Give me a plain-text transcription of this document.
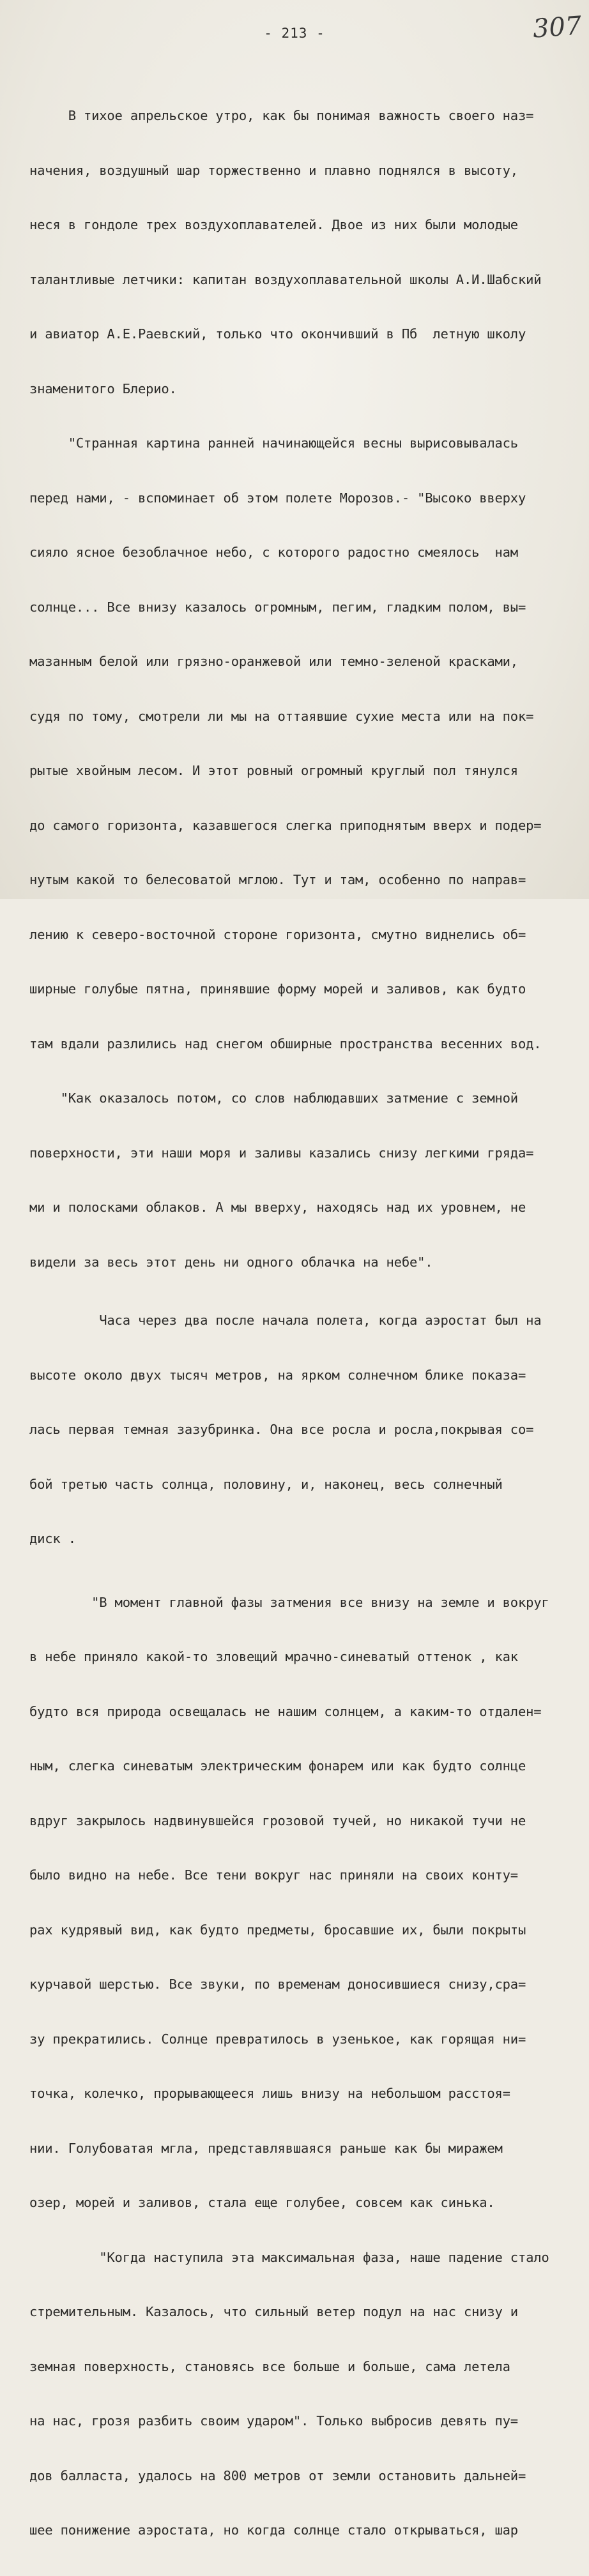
- 213 -	307

В тихое апрельское утро, как бы понимая важность своего наз=

начения, воздушный шар торжественно и плавно поднялся в высоту,

неся в гондоле трех воздухоплавателей. Двое из них были молодые

талантливые летчики: капитан воздухоплавательной школы А.И.Шабский

и авиатор А.Е.Раевский, только что окончивший в Пб  летную школу

знаменитого Блерио.

"Странная картина ранней начинающейся весны вырисовывалась

перед нами, - вспоминает об этом полете Морозов.- "Высоко вверху

сияло ясное безоблачное небо, с которого радостно смеялось  нам

солнце... Все внизу казалось огромным, пегим, гладким полом, вы=

мазанным белой или грязно-оранжевой или темно-зеленой красками,

судя по тому, смотрели ли мы на оттаявшие сухие места или на пок=

рытые хвойным лесом. И этот ровный огромный круглый пол тянулся

до самого горизонта, казавшегося слегка приподнятым вверх и подер=

нутым какой то белесоватой мглою. Тут и там, особенно по направ=

лению к северо-восточной стороне горизонта, смутно виднелись об=

ширные голубые пятна, принявшие форму морей и заливов, как будто

там вдали разлились над снегом обширные пространства весенних вод.

"Как оказалось потом, со слов наблюдавших затмение с земной

поверхности, эти наши моря и заливы казались снизу легкими гряда=

ми и полосками облаков. А мы вверху, находясь над их уровнем, не

видели за весь этот день ни одного облачка на небе".

Часа через два после начала полета, когда аэростат был на

высоте около двух тысяч метров, на ярком солнечном блике показа=

лась первая темная зазубринка. Она все росла и росла,покрывая со=

бой третью часть солнца, половину, и, наконец, весь солнечный

диск .

"В момент главной фазы затмения все внизу на земле и вокруг

в небе приняло какой-то зловещий мрачно-синеватый оттенок , как

будто вся природа освещалась не нашим солнцем, а каким-то отдален=

ным, слегка синеватым электрическим фонарем или как будто солнце

вдруг закрылось надвинувшейся грозовой тучей, но никакой тучи не

было видно на небе. Все тени вокруг нас приняли на своих конту=

рах кудрявый вид, как будто предметы, бросавшие их, были покрыты

курчавой шерстью. Все звуки, по временам доносившиеся снизу,сра=

зу прекратились. Солнце превратилось в узенькое, как горящая ни=

точка, колечко, прорывающееся лишь внизу на небольшом расстоя=

нии. Голубоватая мгла, представлявшаяся раньше как бы миражем

озер, морей и заливов, стала еще голубее, совсем как синька.

"Когда наступила эта максимальная фаза, наше падение стало

стремительным. Казалось, что сильный ветер подул на нас снизу и

земная поверхность, становясь все больше и больше, сама летела

на нас, грозя разбить своим ударом". Только выбросив девять пу=

дов балласта, удалось на 800 метров от земли остановить дальней=

шее понижение аэростата, но когда солнце стало открываться, шар
